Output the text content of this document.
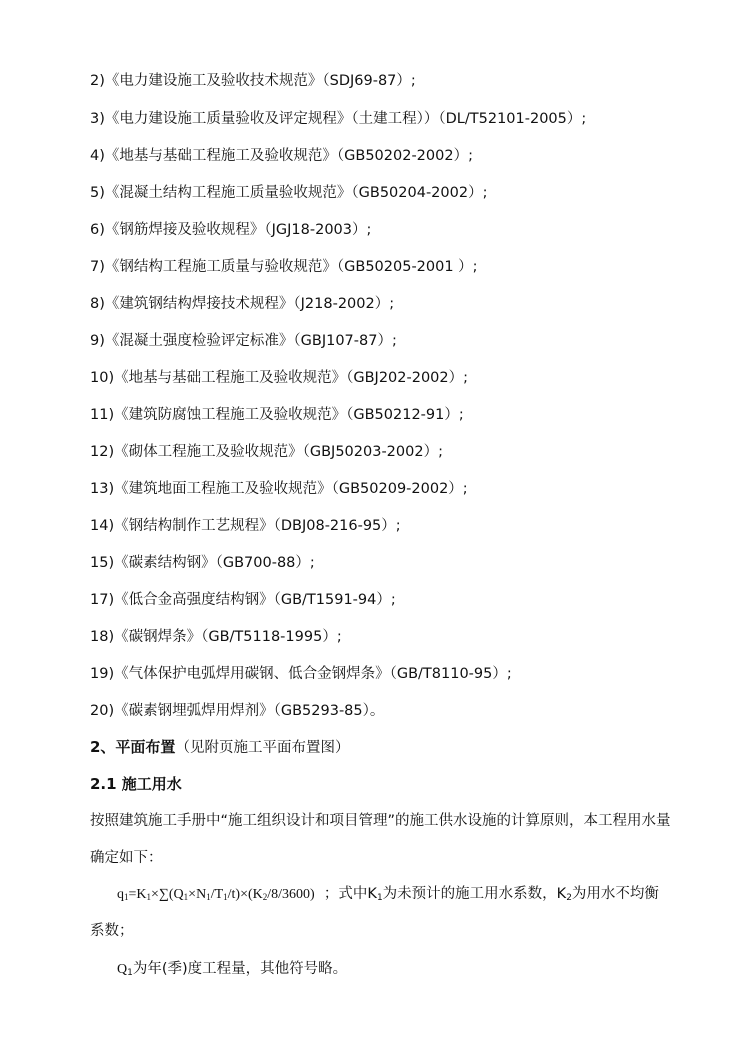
2)《电力建设施工及验收技术规范》（SDJ69-87）;
3)《电力建设施工质量验收及评定规程》（土建工程））（DL/T52101-2005）;
4)《地基与基础工程施工及验收规范》（GB50202-2002）;
5)《混凝土结构工程施工质量验收规范》（GB50204-2002）;
6)《钢筋焊接及验收规程》（JGJ18-2003）;
7)《钢结构工程施工质量与验收规范》（GB50205-2001 ）;
8)《建筑钢结构焊接技术规程》（J218-2002）;
9)《混凝土强度检验评定标准》（GBJ107-87）;
10)《地基与基础工程施工及验收规范》（GBJ202-2002）;
11)《建筑防腐蚀工程施工及验收规范》（GB50212-91）;
12)《砌体工程施工及验收规范》（GBJ50203-2002）;
13)《建筑地面工程施工及验收规范》（GB50209-2002）;
14)《钢结构制作工艺规程》（DBJ08-216-95）;
15)《碳素结构钢》（GB700-88）;
17)《低合金高强度结构钢》（GB/T1591-94）;
18)《碳钢焊条》（GB/T5118-1995）;
19)《气体保护电弧焊用碳钢、低合金钢焊条》（GB/T8110-95）;
20)《碳素钢埋弧焊用焊剂》（GB5293-85）。
2、平面布置（见附页施工平面布置图）
2.1 施工用水
按照建筑施工手册中“施工组织设计和项目管理”的施工供水设施的计算原则，本工程用水量
确定如下：
$q_1=K_1\times\sum(Q_1\times N_1/T_1/t)\times(K_2/8/3600)$ ；式中$K_1$为未预计的施工用水系数，$K_2$为用水不均衡
系数；
$Q_1$为年(季)度工程量，其他符号略。
